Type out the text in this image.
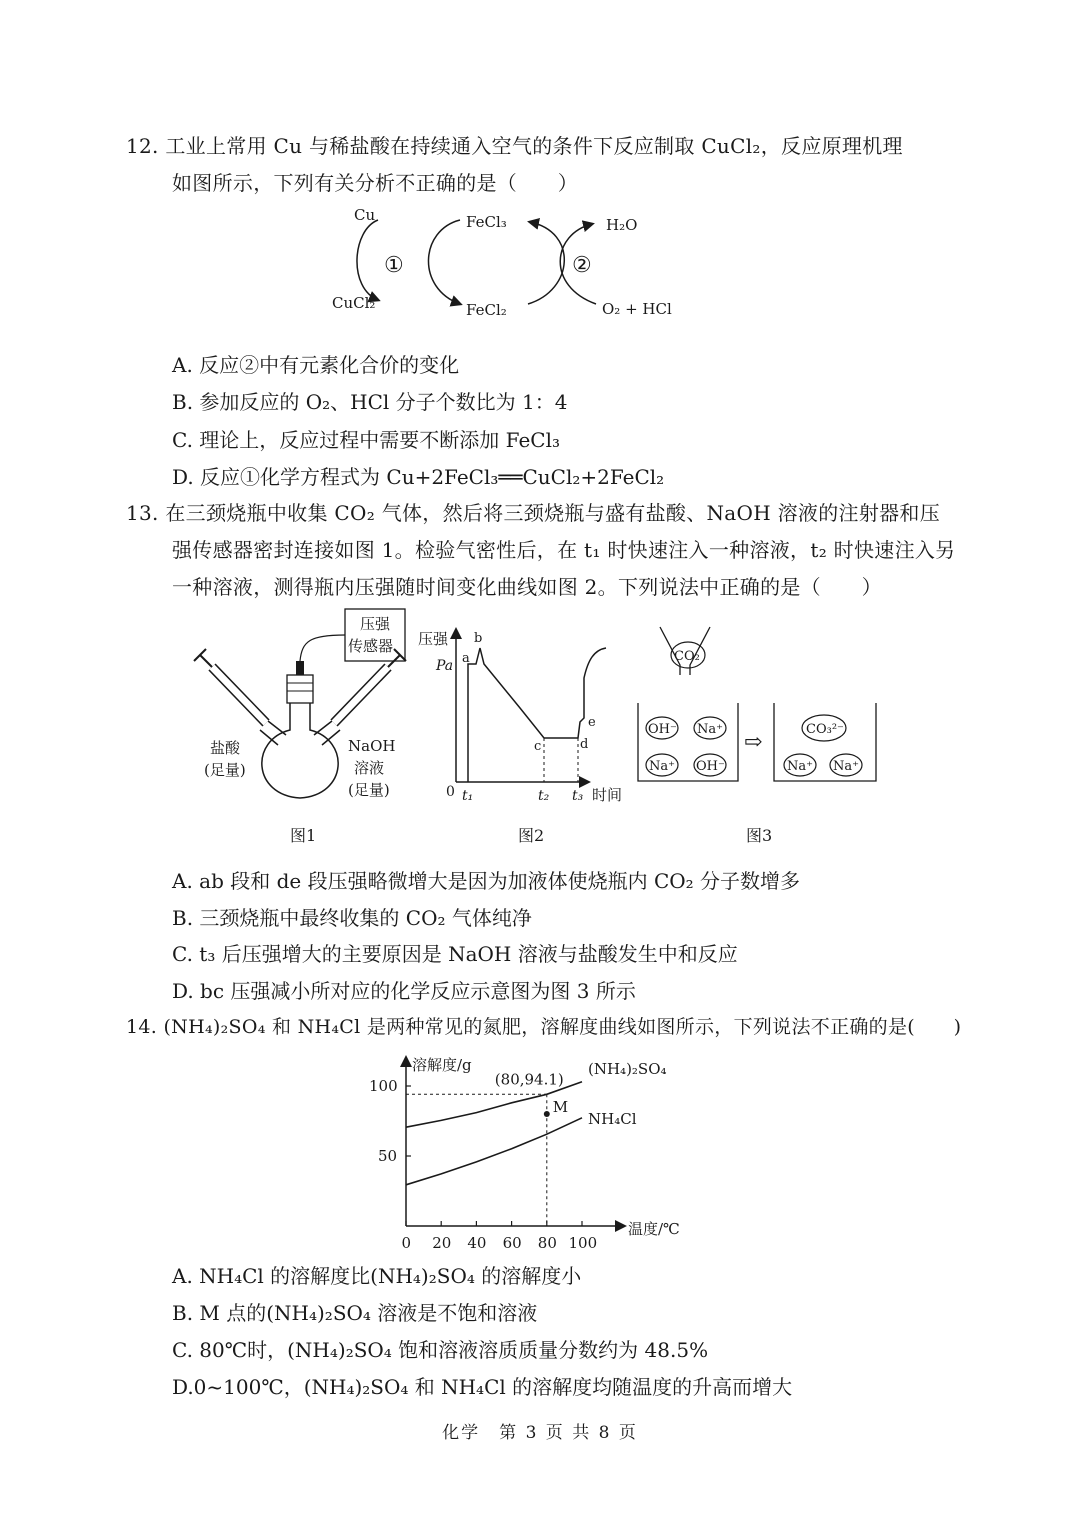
12. 工业上常用 Cu 与稀盐酸在持续通入空气的条件下反应制取 CuCl₂，反应原理机理
如图所示，下列有关分析不正确的是（　　）
Cu
CuCl₂
FeCl₃
FeCl₂
H₂O
O₂ + HCl
①	②
A. 反应②中有元素化合价的变化
B. 参加反应的 O₂、HCl 分子个数比为 1：4
C. 理论上，反应过程中需要不断添加 FeCl₃
D. 反应①化学方程式为 Cu+2FeCl₃══CuCl₂+2FeCl₂
13. 在三颈烧瓶中收集 CO₂ 气体，然后将三颈烧瓶与盛有盐酸、NaOH 溶液的注射器和压
强传感器密封连接如图 1。检验气密性后，在 t₁ 时快速注入一种溶液，t₂ 时快速注入另
一种溶液，测得瓶内压强随时间变化曲线如图 2。下列说法中正确的是（　　）
压强
传感器
盐酸
(足量)
NaOH
溶液
(足量)
图1
压强
Pa a
b
c	d
e
0 t₁	t₂ t₃ 时间
图2
CO₂
OH⁻ Na⁺
Na⁺ OH⁻
⇨
CO₃²⁻
Na⁺ Na⁺
图3
A. ab 段和 de 段压强略微增大是因为加液体使烧瓶内 CO₂ 分子数增多
B. 三颈烧瓶中最终收集的 CO₂ 气体纯净
C. t₃ 后压强增大的主要原因是 NaOH 溶液与盐酸发生中和反应
D. bc 压强减小所对应的化学反应示意图为图 3 所示
14. (NH₄)₂SO₄ 和 NH₄Cl 是两种常见的氮肥，溶解度曲线如图所示，下列说法不正确的是(　　)
溶解度/g
温度/℃
0 20 40 60 80 100
50
100
(NH₄)₂SO₄
NH₄Cl
(80,94.1)
M
A. NH₄Cl 的溶解度比(NH₄)₂SO₄ 的溶解度小
B. M 点的(NH₄)₂SO₄ 溶液是不饱和溶液
C. 80℃时，(NH₄)₂SO₄ 饱和溶液溶质质量分数约为 48.5%
D.0~100℃，(NH₄)₂SO₄ 和 NH₄Cl 的溶解度均随温度的升高而增大
化学　第 3 页 共 8 页
